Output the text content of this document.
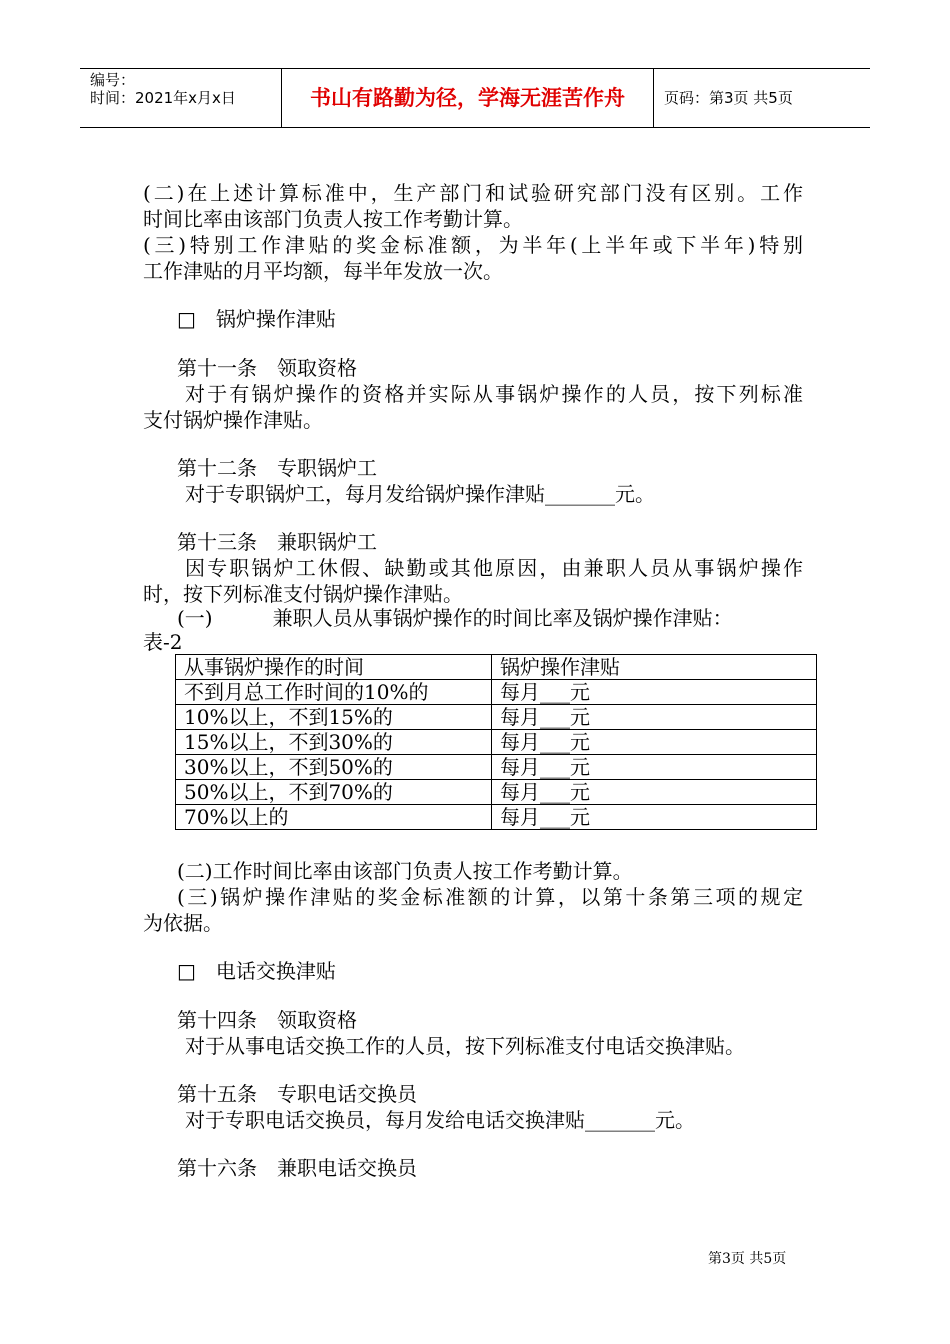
编号：
时间：2021年x月x日	书山有路勤为径，学海无涯苦作舟	页码：第3页 共5页
(二)在上述计算标准中，生产部门和试验研究部门没有区别。工作
时间比率由该部门负责人按工作考勤计算。
(三)特别工作津贴的奖金标准额，为半年(上半年或下半年)特别
工作津贴的月平均额，每半年发放一次。
□　锅炉操作津贴
第十一条　领取资格
对于有锅炉操作的资格并实际从事锅炉操作的人员，按下列标准
支付锅炉操作津贴。
第十二条　专职锅炉工
对于专职锅炉工，每月发给锅炉操作津贴_______元。
第十三条　兼职锅炉工
因专职锅炉工休假、缺勤或其他原因，由兼职人员从事锅炉操作
时，按下列标准支付锅炉操作津贴。
(一)　　　兼职人员从事锅炉操作的时间比率及锅炉操作津贴：
表-2
从事锅炉操作的时间	锅炉操作津贴
不到月总工作时间的10%的	每月___元
10%以上，不到15%的	每月___元
15%以上，不到30%的	每月___元
30%以上，不到50%的	每月___元
50%以上，不到70%的	每月___元
70%以上的	每月___元
(二)工作时间比率由该部门负责人按工作考勤计算。
(三)锅炉操作津贴的奖金标准额的计算，以第十条第三项的规定
为依据。
□　电话交换津贴
第十四条　领取资格
对于从事电话交换工作的人员，按下列标准支付电话交换津贴。
第十五条　专职电话交换员
对于专职电话交换员，每月发给电话交换津贴_______元。
第十六条　兼职电话交换员
第3页 共5页
